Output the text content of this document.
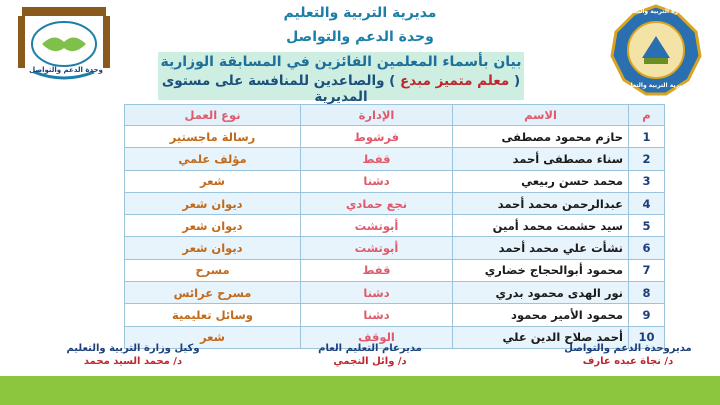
وحدة الدعم والتواصل
وزارة التربية والتعليم
مديرية التربية والتعليم
مديرية التربية والتعليم
وحدة الدعم والتواصل
بيان بأسماء المعلمين الفائزين في المسابقة الوزارية
( معلم متميز مبدع ) والصاعدين للمنافسة على مستوى المديرية
م	الاسم	الإدارة	نوع العمل
1	حازم محمود مصطفى	فرشوط	رسالة ماجستير
2	سناء مصطفى أحمد	قفط	مؤلف علمي
3	محمد حسن ربيعي	دشنا	شعر
4	عبدالرحمن محمد أحمد	نجع حمادي	ديوان شعر
5	سيد حشمت محمد أمين	أبوتشت	ديوان شعر
6	نشأت علي محمد أحمد	أبوتشت	ديوان شعر
7	محمود أبوالحجاج خضاري	قفط	مسرح
8	نور الهدى محمود بدري	دشنا	مسرح عرائس
9	محمود الأمير محمود	دشنا	وسائل تعليمية
10	أحمد صلاح الدين علي	الوقف	شعر
مديروحدة الدعم والتواصل
د/ نجاة عبده عارف
مديرعام التعليم العام
د/ وائل النجمي
وكيل وزارة التربية والتعليم
د/ محمد السيد محمد
